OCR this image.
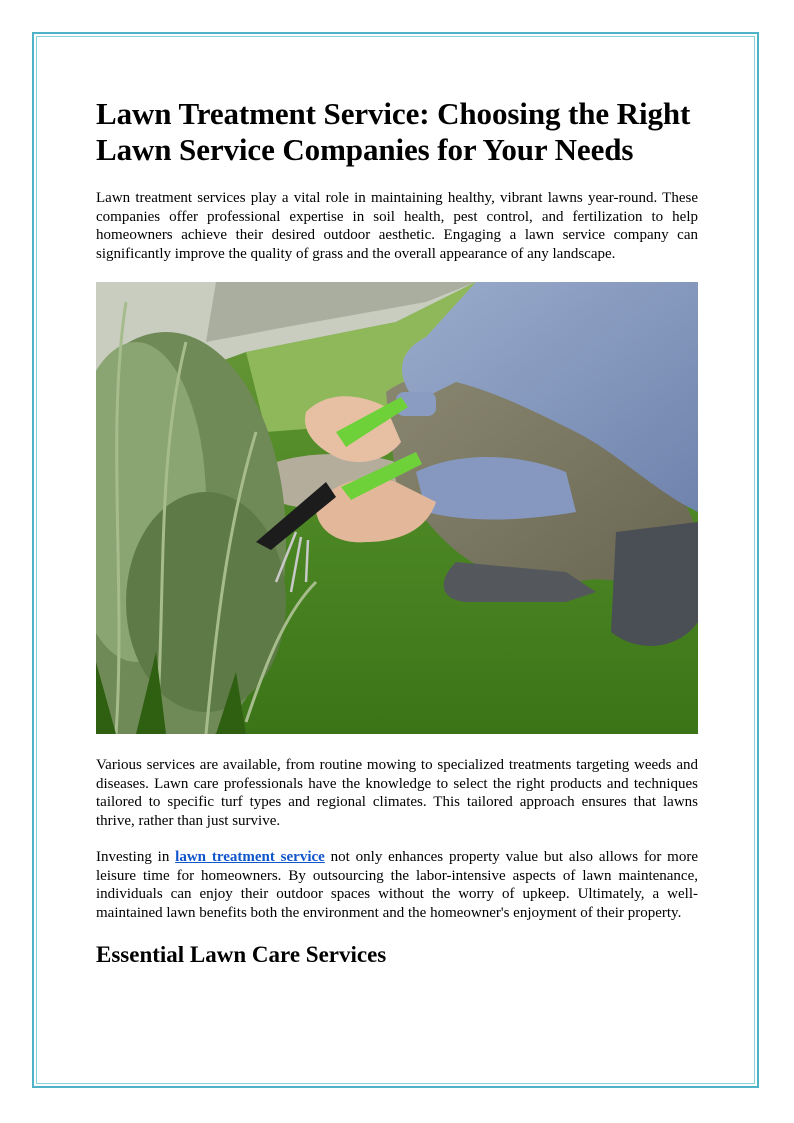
Lawn Treatment Service: Choosing the Right Lawn Service Companies for Your Needs

Lawn treatment services play a vital role in maintaining healthy, vibrant lawns year-round. These companies offer professional expertise in soil health, pest control, and fertilization to help homeowners achieve their desired outdoor aesthetic. Engaging a lawn service company can significantly improve the quality of grass and the overall appearance of any landscape.

Various services are available, from routine mowing to specialized treatments targeting weeds and diseases. Lawn care professionals have the knowledge to select the right products and techniques tailored to specific turf types and regional climates. This tailored approach ensures that lawns thrive, rather than just survive.

Investing in lawn treatment service not only enhances property value but also allows for more leisure time for homeowners. By outsourcing the labor-intensive aspects of lawn maintenance, individuals can enjoy their outdoor spaces without the worry of upkeep. Ultimately, a well-maintained lawn benefits both the environment and the homeowner's enjoyment of their property.

Essential Lawn Care Services
